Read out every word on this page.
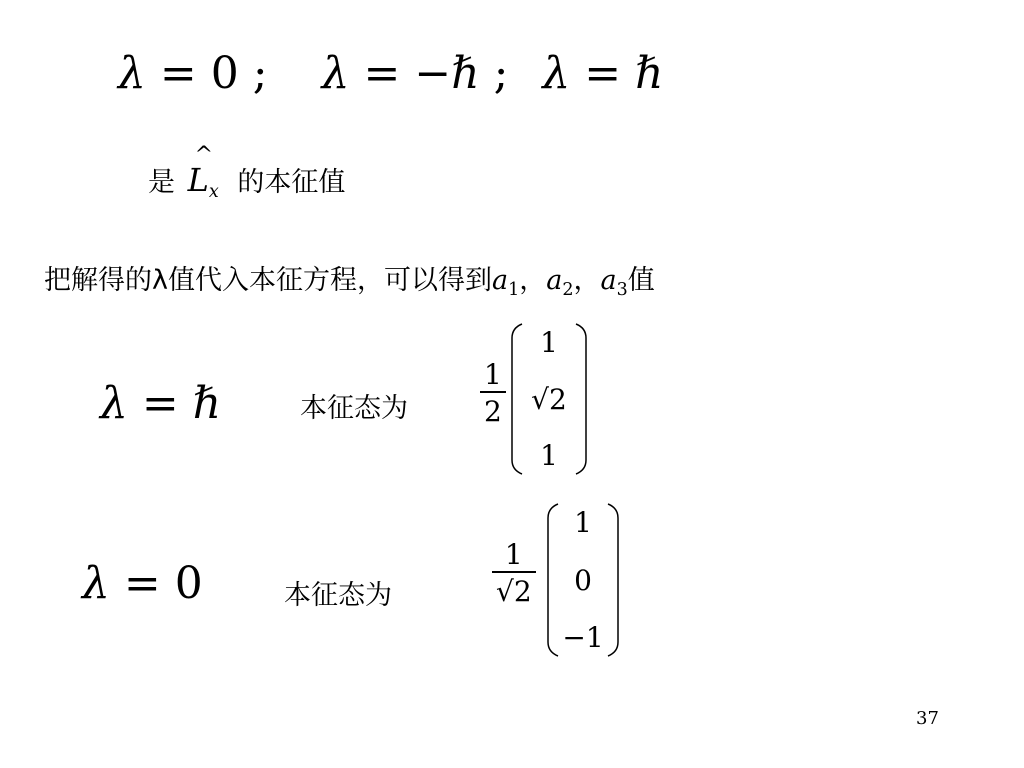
λ = 0 ; λ = −ℏ ; λ = ℏ
是
^
$L_x$ 的本征值
把解得的λ值代入本征方程，可以得到$a_1$，$a_2$，$a_3$值
λ = ℏ	本征态为	$\frac{1}{2}$
1
√2
1
λ = 0	本征态为	$\frac{1}{√2}$
1
0
−1
37
